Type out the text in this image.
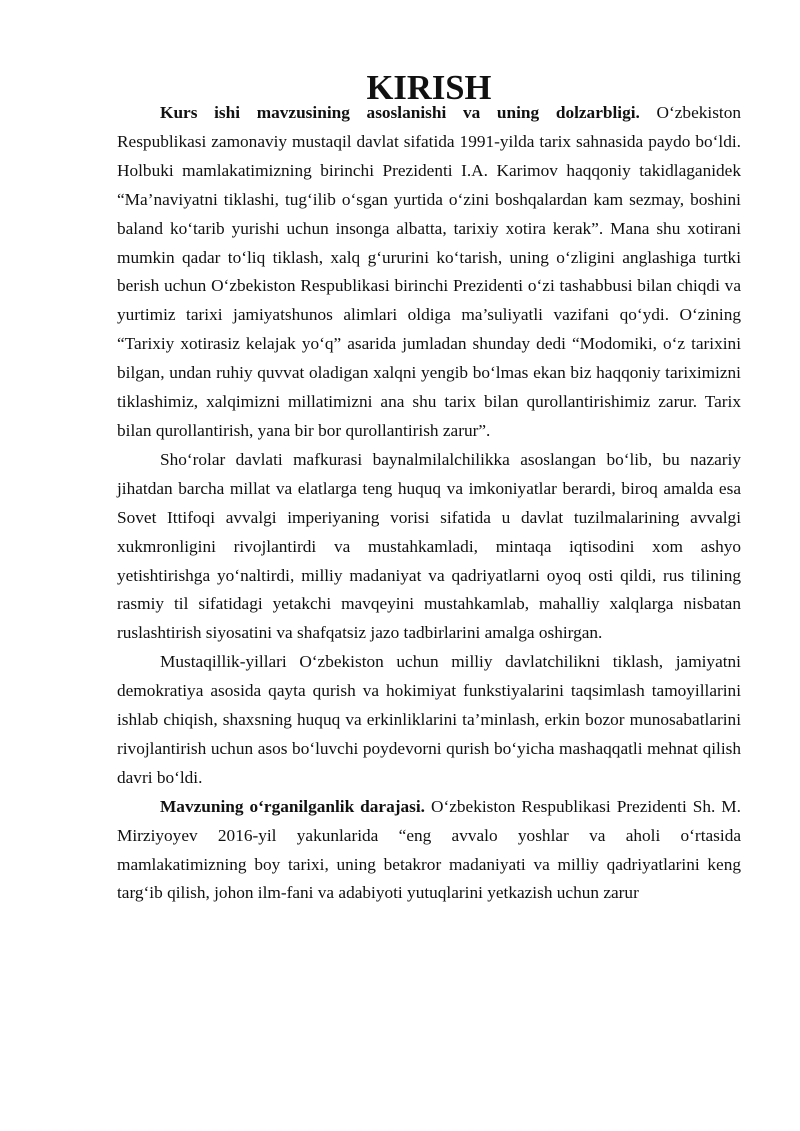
KIRISH

Kurs ishi mavzusining asoslanishi va uning dolzarbligi. O‘zbekiston Respublikasi zamonaviy mustaqil davlat sifatida 1991-yilda tarix sahnasida paydo bo‘ldi. Holbuki mamlakatimizning birinchi Prezidenti I.A. Karimov haqqoniy takidlaganidek “Ma’naviyatni tiklashi, tug‘ilib o‘sgan yurtida o‘zini boshqalardan kam sezmay, boshini baland ko‘tarib yurishi uchun insonga albatta, tarixiy xotira kerak”. Mana shu xotirani mumkin qadar to‘liq tiklash, xalq g‘ururini ko‘tarish, uning o‘zligini anglashiga turtki berish uchun O‘zbekiston Respublikasi birinchi Prezidenti o‘zi tashabbusi bilan chiqdi va yurtimiz tarixi jamiyatshunos alimlari oldiga ma’suliyatli vazifani qo‘ydi. O‘zining “Tarixiy xotirasiz kelajak yo‘q” asarida jumladan shunday dedi “Modomiki, o‘z tarixini bilgan, undan ruhiy quvvat oladigan xalqni yengib bo‘lmas ekan biz haqqoniy tariximizni tiklashimiz, xalqimizni millatimizni ana shu tarix bilan qurollantirishimiz zarur. Tarix bilan qurollantirish, yana bir bor qurollantirish zarur”.

Sho‘rolar davlati mafkurasi baynalmilalchilikka asoslangan bo‘lib, bu nazariy jihatdan barcha millat va elatlarga teng huquq va imkoniyatlar berardi, biroq amalda esa Sovet Ittifoqi avvalgi imperiyaning vorisi sifatida u davlat tuzilmalarining avvalgi xukmronligini rivojlantirdi va mustahkamladi, mintaqa iqtisodini xom ashyo yetishtirishga yo‘naltirdi, milliy madaniyat va qadriyatlarni oyoq osti qildi, rus tilining rasmiy til sifatidagi yetakchi mavqeyini mustahkamlab, mahalliy xalqlarga nisbatan ruslashtirish siyosatini va shafqatsiz jazo tadbirlarini amalga oshirgan.

Mustaqillik-yillari O‘zbekiston uchun milliy davlatchilikni tiklash, jamiyatni demokratiya asosida qayta qurish va hokimiyat funkstiyalarini taqsimlash tamoyillarini ishlab chiqish, shaxsning huquq va erkinliklarini ta’minlash, erkin bozor munosabatlarini rivojlantirish uchun asos bo‘luvchi poydevorni qurish bo‘yicha mashaqqatli mehnat qilish davri bo‘ldi.

Mavzuning o‘rganilganlik darajasi. O‘zbekiston Respublikasi Prezidenti Sh. M. Mirziyoyev 2016-yil yakunlarida “eng avvalo yoshlar va aholi o‘rtasida mamlakatimizning boy tarixi, uning betakror madaniyati va milliy qadriyatlarini keng targ‘ib qilish, johon ilm-fani va adabiyoti yutuqlarini yetkazish uchun zarur
